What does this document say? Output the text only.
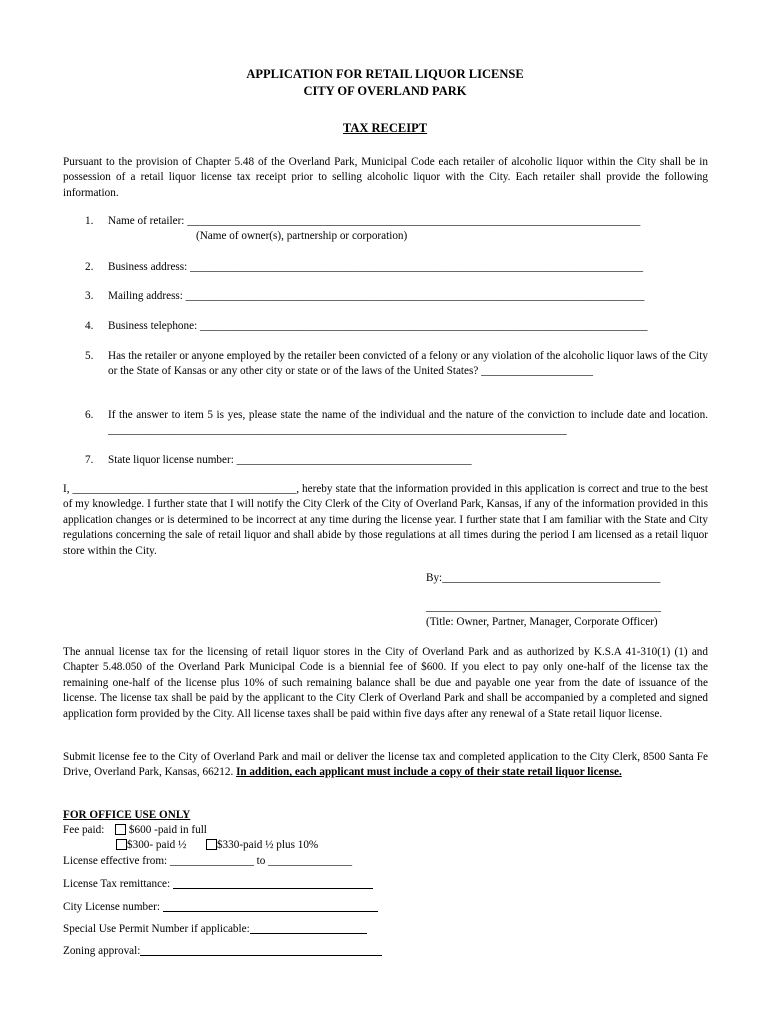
APPLICATION FOR RETAIL LIQUOR LICENSE
CITY OF OVERLAND PARK
TAX RECEIPT
Pursuant to the provision of Chapter 5.48 of the Overland Park, Municipal Code each retailer of alcoholic liquor within the City shall be in possession of a retail liquor license tax receipt prior to selling alcoholic liquor with the City. Each retailer shall provide the following information.
1. Name of retailer: _________________________________________________________________________________
(Name of owner(s), partnership or corporation)
2. Business address: _________________________________________________________________________________
3. Mailing address: __________________________________________________________________________________
4. Business telephone: ________________________________________________________________________________
5. Has the retailer or anyone employed by the retailer been convicted of a felony or any violation of the alcoholic liquor laws of the City or the State of Kansas or any other city or state or of the laws of the United States? ____________________
6. If the answer to item 5 is yes, please state the name of the individual and the nature of the conviction to include date and location. __________________________________________________________________________________
7. State liquor license number: __________________________________________
I, ________________________________________, hereby state that the information provided in this application is correct and true to the best of my knowledge. I further state that I will notify the City Clerk of the City of Overland Park, Kansas, if any of the information provided in this application changes or is determined to be incorrect at any time during the license year. I further state that I am familiar with the State and City regulations concerning the sale of retail liquor and shall abide by those regulations at all times during the period I am licensed as a retail liquor store within the City.
By:_______________________________________
__________________________________________
(Title: Owner, Partner, Manager, Corporate Officer)
The annual license tax for the licensing of retail liquor stores in the City of Overland Park and as authorized by K.S.A 41-310(1) (1) and Chapter 5.48.050 of the Overland Park Municipal Code is a biennial fee of $600. If you elect to pay only one-half of the license tax the remaining one-half of the license plus 10% of such remaining balance shall be due and payable one year from the date of issuance of the license. The license tax shall be paid by the applicant to the City Clerk of Overland Park and shall be accompanied by a completed and signed application form provided by the City. All license taxes shall be paid within five days after any renewal of a State retail liquor license.
Submit license fee to the City of Overland Park and mail or deliver the license tax and completed application to the City Clerk, 8500 Santa Fe Drive, Overland Park, Kansas, 66212. In addition, each applicant must include a copy of their state retail liquor license.
FOR OFFICE USE ONLY
Fee paid: $600 -paid in full
$300- paid ½	$330-paid ½ plus 10%
License effective from: _______________ to _______________
License Tax remittance:
City License number:
Special Use Permit Number if applicable:
Zoning approval:
